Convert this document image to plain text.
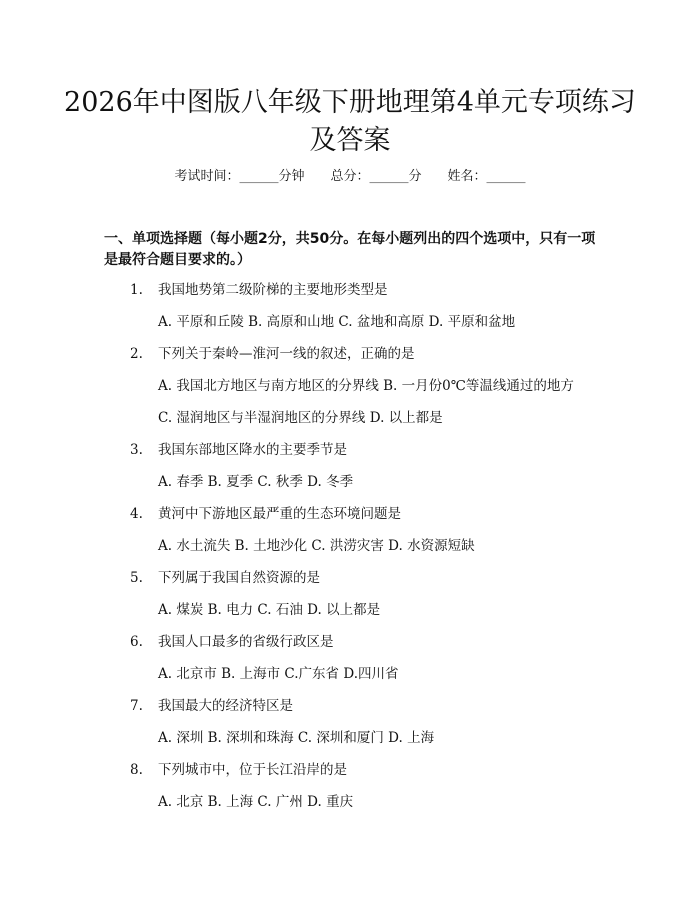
2026年中图版八年级下册地理第4单元专项练习及答案
考试时间：______分钟 总分：______分 姓名：______

一、单项选择题（每小题2分，共50分。在每小题列出的四个选项中，只有一项是最符合题目要求的。）

1. 我国地势第二级阶梯的主要地形类型是
A. 平原和丘陵 B. 高原和山地 C. 盆地和高原 D. 平原和盆地
2. 下列关于秦岭—淮河一线的叙述，正确的是
A. 我国北方地区与南方地区的分界线 B. 一月份0℃等温线通过的地方
C. 湿润地区与半湿润地区的分界线 D. 以上都是
3. 我国东部地区降水的主要季节是
A. 春季 B. 夏季 C. 秋季 D. 冬季
4. 黄河中下游地区最严重的生态环境问题是
A. 水土流失 B. 土地沙化 C. 洪涝灾害 D. 水资源短缺
5. 下列属于我国自然资源的是
A. 煤炭 B. 电力 C. 石油 D. 以上都是
6. 我国人口最多的省级行政区是
A. 北京市 B. 上海市 C.广东省 D.四川省
7. 我国最大的经济特区是
A. 深圳 B. 深圳和珠海 C. 深圳和厦门 D. 上海
8. 下列城市中，位于长江沿岸的是
A. 北京 B. 上海 C. 广州 D. 重庆
